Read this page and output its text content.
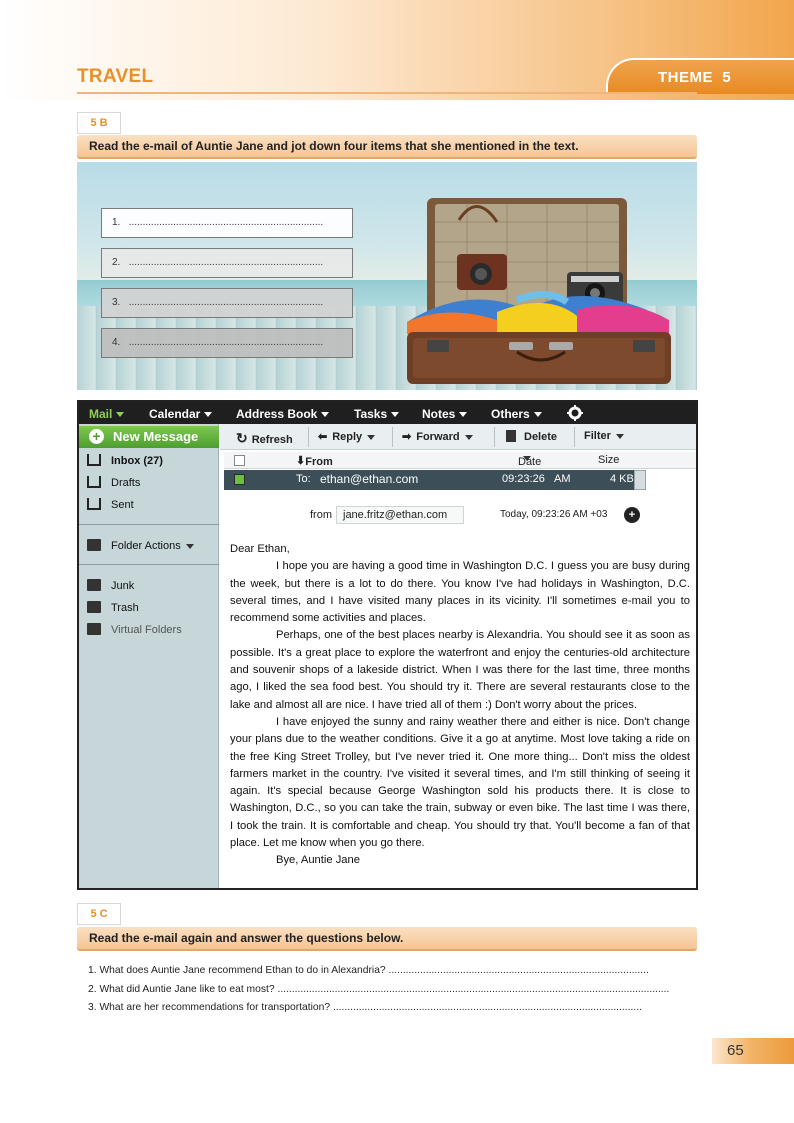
TRAVEL	THEME 5
5 B
Read the e-mail of Auntie Jane and jot down four items that she mentioned in the text.
1. ......................................................................
2. ......................................................................
3. ......................................................................
4. ......................................................................
Mail	Calendar	Address Book	Tasks	Notes	Others
+ New Message
Inbox (27)
Drafts
Sent
Folder Actions
Junk
Trash
Virtual Folders
↻ Refresh ⬅ Reply	➡ Forward	Delete Filter
⬇ From	Date	Size
To: ethan@ethan.com	09:23:26 AM	4 KB
from	jane.fritz@ethan.com	Today, 09:23:26 AM +03	+

Dear Ethan,

I hope you are having a good time in Washington D.C. I guess you are busy during the week, but there is a lot to do there. You know I've had holidays in Washington, D.C. several times, and I have visited many places in its vicinity. I'll sometimes e-mail you to recommend some activities and places.

Perhaps, one of the best places nearby is Alexandria. You should see it as soon as possible. It's a great place to explore the waterfront and enjoy the centuries-old architecture and souvenir shops of a lakeside district. When I was there for the last time, three months ago, I liked the sea food best. You should try it. There are several restaurants close to the lake and almost all are nice. I have tried all of them :) Don't worry about the prices.

I have enjoyed the sunny and rainy weather there and either is nice. Don't change your plans due to the weather conditions. Give it a go at anytime. Most love taking a ride on the free King Street Trolley, but I've never tried it. One more thing... Don't miss the oldest farmers market in the country. I've visited it several times, and I'm still thinking of seeing it again. It's special because George Washington sold his products there. It is close to Washington, D.C., so you can take the train, subway or even bike. The last time I was there, I took the train. It is comfortable and cheap. You should try that. You'll become a fan of that place. Let me know when you go there.

Bye, Auntie Jane

5 C
Read the e-mail again and answer the questions below.
1. What does Auntie Jane recommend Ethan to do in Alexandria? ...........................................................................................
2. What did Auntie Jane like to eat most? .........................................................................................................................................
3. What are her recommendations for transportation? ............................................................................................................
65
